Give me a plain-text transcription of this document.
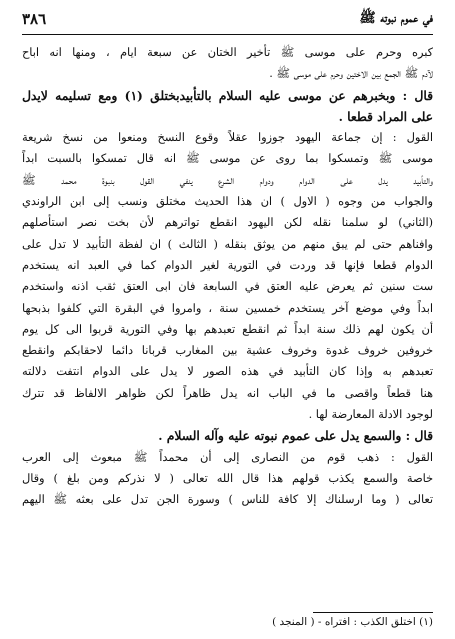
في عموم نبوته ﷺ
٣٨٦
كبره وحرم على موسى ﷺ تأخير الختان عن سبعة ايام ، ومنها انه اباح
لآدم ﷺ الجمع بين الاختين وحرم على موسى ﷺ .
قال : وبخبرهم عن موسى عليه السلام بالتأبيدبختلق (١) ومع تسليمه لايدل
على المراد قطعا .
القول : إن جماعة اليهود جوزوا عقلاً وقوع النسخ ومنعوا من نسخ شريعة
موسى ﷺ وتمسكوا بما روى عن موسى ﷺ انه قال تمسكوا بالسبت ابداً
والتأبيد يدل على الدوام ودوام الشرع ينفي القول بنبوة محمد ﷺ
والجواب من وجوه ( الاول ) ان هذا الحديث مختلق ونسب إلى ابن الراوندي
(الثاني) لو سلمنا نقله لكن اليهود انقطع تواترهم لأن بخت نصر استأصلهم
وافناهم حتى لم يبق منهم من يوثق بنقله ( الثالث ) ان لفظة التأبيد لا تدل على
الدوام قطعا فإنها قد وردت في التورية لغير الدوام كما في العبد انه يستخدم
ست سنين ثم يعرض عليه العتق في السابعة فان ابى العتق ثقب اذنه واستخدم
ابداً وفي موضع آخر يستخدم خمسين سنة ، وامروا في البقرة التي كلفوا بذبحها
أن يكون لهم ذلك سنة ابداً ثم انقطع تعبدهم بها وفي التورية قربوا الى كل يوم
خروفين خروف غدوة وخروف عشية بين المغارب قربانا دائما لاحقابكم وانقطع
تعبدهم به وإذا كان التأبيد في هذه الصور لا يدل على الدوام انتفت دلالته
هنا قطعاً واقصى ما في الباب انه يدل ظاهراً لكن ظواهر الالفاظ قد تترك
لوجود الادلة المعارضة لها .
قال : والسمع يدل على عموم نبوته عليه وآله السلام .
القول : ذهب قوم من النصارى إلى أن محمداً ﷺ مبعوث إلى العرب
خاصة والسمع يكذب قولهم هذا قال الله تعالى ( لا نذركم ومن بلغ ) وقال
تعالى ( وما ارسلناك إلا كافة للناس ) وسورة الجن تدل على بعثه ﷺ اليهم
(١) اختلق الكذب : افتراه - ( المنجد )
